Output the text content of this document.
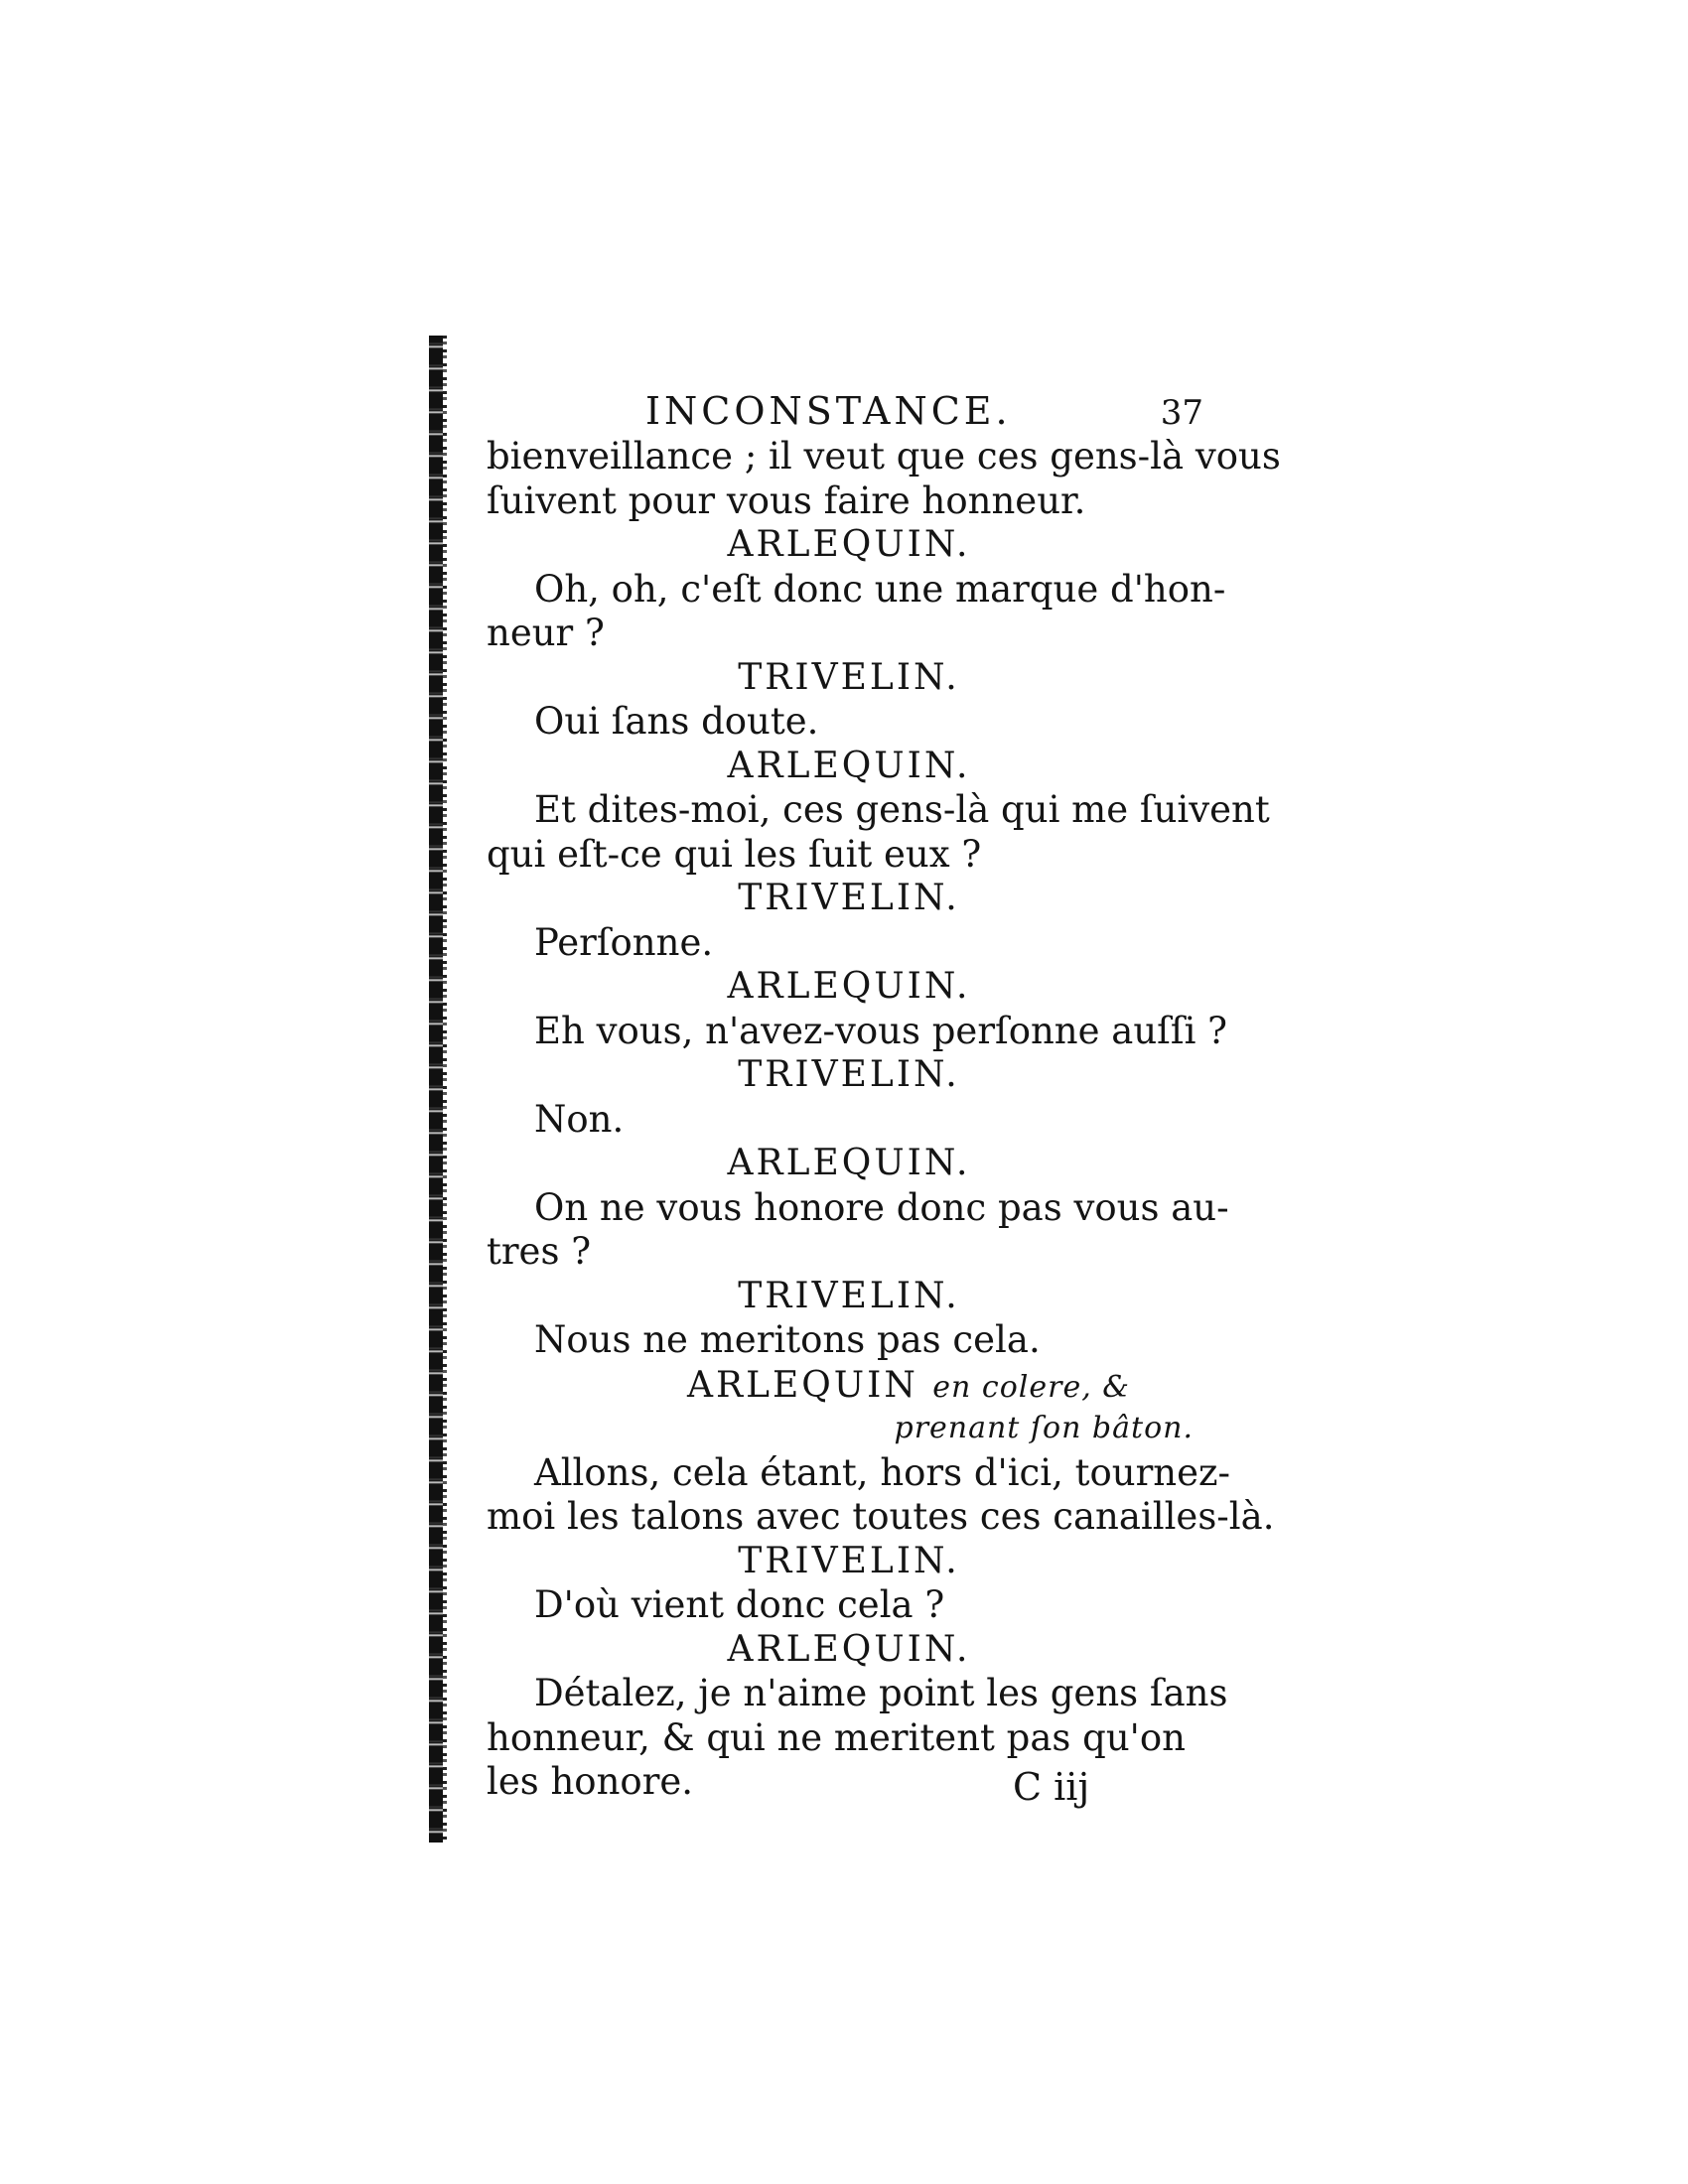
INCONSTANCE.	37
bienveillance ; il veut que ces gens-là vous
ſuivent pour vous faire honneur.
ARLEQUIN.
Oh, oh, c'eſt donc une marque d'hon-
neur ?
TRIVELIN.
Oui ſans doute.
ARLEQUIN.
Et dites-moi, ces gens-là qui me ſuivent
qui eſt-ce qui les ſuit eux ?
TRIVELIN.
Perſonne.
ARLEQUIN.
Eh vous, n'avez-vous perſonne auſſi ?
TRIVELIN.
Non.
ARLEQUIN.
On ne vous honore donc pas vous au-
tres ?
TRIVELIN.
Nous ne meritons pas cela.
ARLEQUIN en colere, &
prenant ſon bâton.
Allons, cela étant, hors d'ici, tournez-
moi les talons avec toutes ces canailles-là.
TRIVELIN.
D'où vient donc cela ?
ARLEQUIN.
Détalez, je n'aime point les gens ſans
honneur, & qui ne meritent pas qu'on
les honore.	C iij
